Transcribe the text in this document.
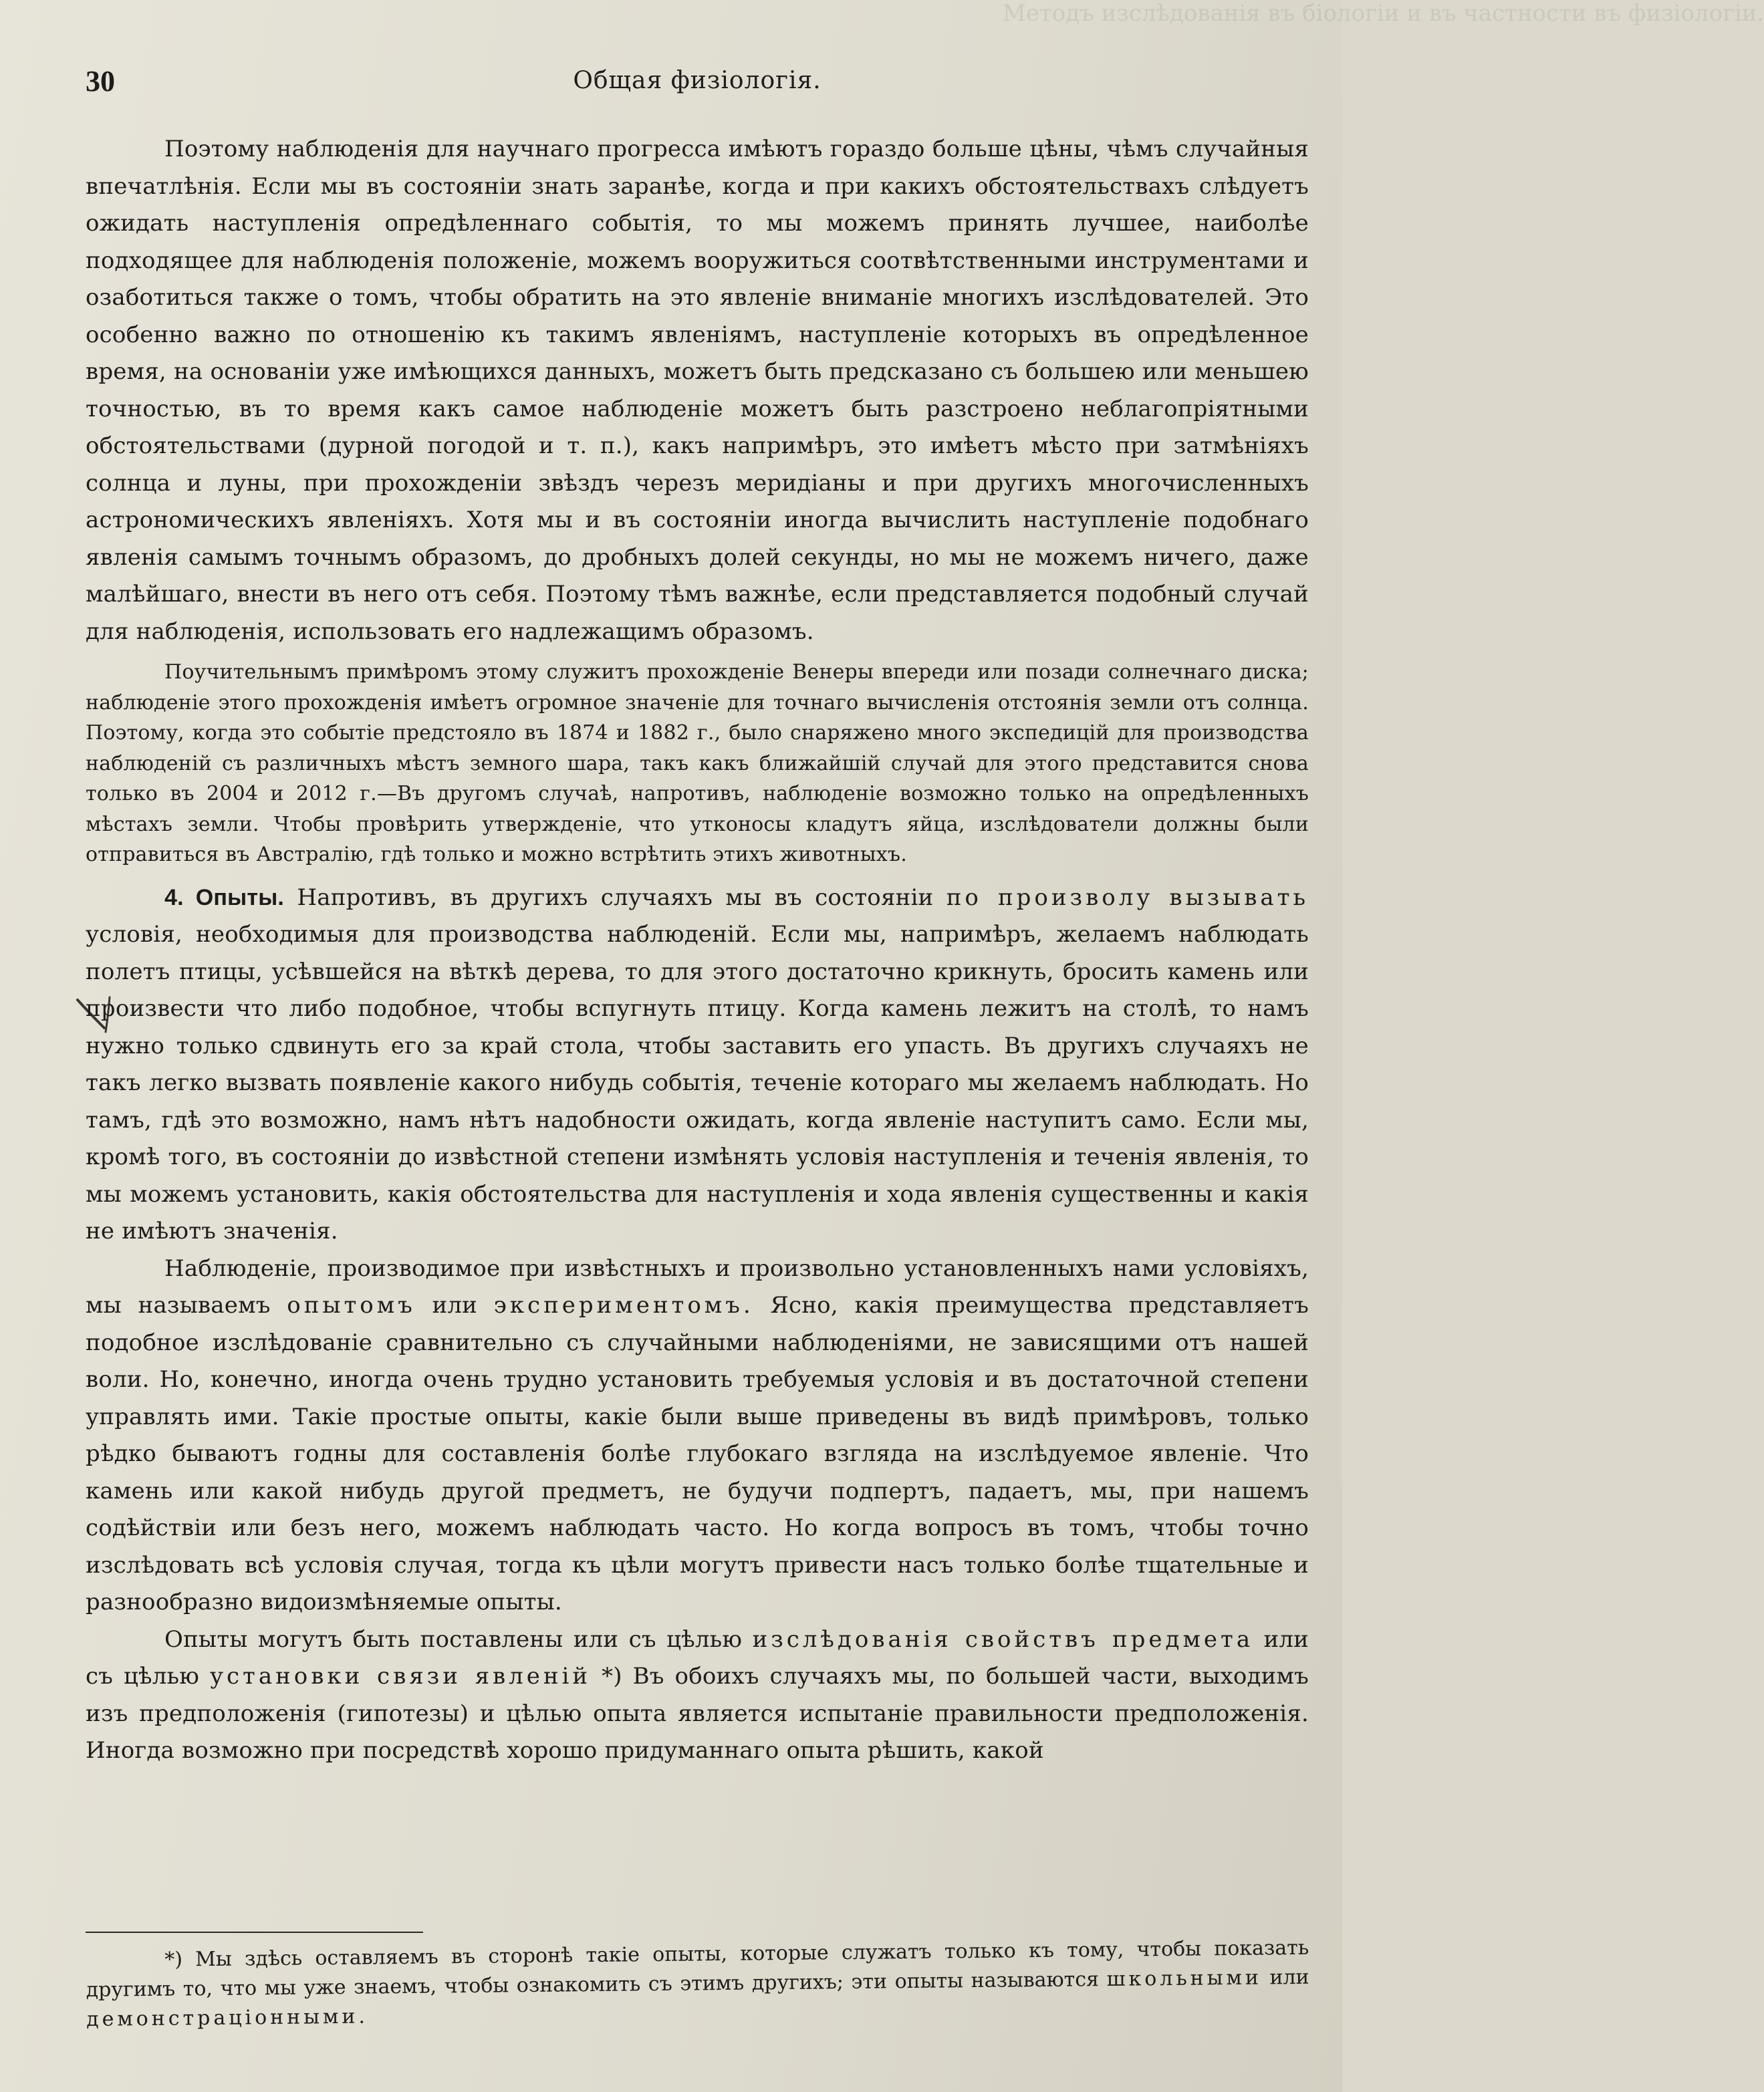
Методъ изслѣдованія въ біологіи и въ частности въ физіологіи.
30	Общая физіологія.

Поэтому наблюденія для научнаго прогресса имѣютъ гораздо больше цѣны, чѣмъ случайныя впечатлѣнія. Если мы въ состояніи знать заранѣе, когда и при какихъ обстоятельствахъ слѣдуетъ ожидать наступленія опредѣленнаго событія, то мы можемъ принять лучшее, наиболѣе подходящее для наблюденія положеніе, можемъ вооружиться соотвѣтственными инструментами и озаботиться также о томъ, чтобы обратить на это явленіе вниманіе многихъ изслѣдователей. Это особенно важно по отношенію къ такимъ явленіямъ, наступленіе которыхъ въ опредѣленное время, на основаніи уже имѣющихся данныхъ, можетъ быть предсказано съ большею или меньшею точностью, въ то время какъ самое наблюденіе можетъ быть разстроено неблагопріятными обстоятельствами (дурной погодой и т. п.), какъ напримѣръ, это имѣетъ мѣсто при затмѣніяхъ солнца и луны, при прохожденіи звѣздъ черезъ меридіаны и при другихъ многочисленныхъ астрономическихъ явленіяхъ. Хотя мы и въ состояніи иногда вычислить наступленіе подобнаго явленія самымъ точнымъ образомъ, до дробныхъ долей секунды, но мы не можемъ ничего, даже малѣйшаго, внести въ него отъ себя. Поэтому тѣмъ важнѣе, если представляется подобный случай для наблюденія, использовать его надлежащимъ образомъ.

Поучительнымъ примѣромъ этому служитъ прохожденіе Венеры впереди или позади солнечнаго диска; наблюденіе этого прохожденія имѣетъ огромное значеніе для точнаго вычисленія отстоянія земли отъ солнца. Поэтому, когда это событіе предстояло въ 1874 и 1882 г., было снаряжено много экспедицій для производства наблюденій съ различныхъ мѣстъ земного шара, такъ какъ ближайшій случай для этого представится снова только въ 2004 и 2012 г.—Въ другомъ случаѣ, напротивъ, наблюденіе возможно только на опредѣленныхъ мѣстахъ земли. Чтобы провѣрить утвержденіе, что утконосы кладутъ яйца, изслѣдователи должны были отправиться въ Австралію, гдѣ только и можно встрѣтить этихъ животныхъ.

4. Опыты. Напротивъ, въ другихъ случаяхъ мы въ состояніи по произволу вызывать условія, необходимыя для производства наблюденій. Если мы, напримѣръ, желаемъ наблюдать полетъ птицы, усѣвшейся на вѣткѣ дерева, то для этого достаточно крикнуть, бросить камень или произвести что либо подобное, чтобы вспугнуть птицу. Когда камень лежитъ на столѣ, то намъ нужно только сдвинуть его за край стола, чтобы заставить его упасть. Въ другихъ случаяхъ не такъ легко вызвать появленіе какого нибудь событія, теченіе котораго мы желаемъ наблюдать. Но тамъ, гдѣ это возможно, намъ нѣтъ надобности ожидать, когда явленіе наступитъ само. Если мы, кромѣ того, въ состояніи до извѣстной степени измѣнять условія наступленія и теченія явленія, то мы можемъ установить, какія обстоятельства для наступленія и хода явленія существенны и какія не имѣютъ значенія.

Наблюденіе, производимое при извѣстныхъ и произвольно установленныхъ нами условіяхъ, мы называемъ опытомъ или экспериментомъ. Ясно, какія преимущества представляетъ подобное изслѣдованіе сравнительно съ случайными наблюденіями, не зависящими отъ нашей воли. Но, конечно, иногда очень трудно установить требуемыя условія и въ достаточной степени управлять ими. Такіе простые опыты, какіе были выше приведены въ видѣ примѣровъ, только рѣдко бываютъ годны для составленія болѣе глубокаго взгляда на изслѣдуемое явленіе. Что камень или какой нибудь другой предметъ, не будучи подпертъ, падаетъ, мы, при нашемъ содѣйствіи или безъ него, можемъ наблюдать часто. Но когда вопросъ въ томъ, чтобы точно изслѣдовать всѣ условія случая, тогда къ цѣли могутъ привести насъ только болѣе тщательные и разнообразно видоизмѣняемые опыты.

Опыты могутъ быть поставлены или съ цѣлью изслѣдованія свойствъ предмета или съ цѣлью установки связи явленій *) Въ обоихъ случаяхъ мы, по большей части, выходимъ изъ предположенія (гипотезы) и цѣлью опыта является испытаніе правильности предположенія. Иногда возможно при посредствѣ хорошо придуманнаго опыта рѣшить, какой

*) Мы здѣсь оставляемъ въ сторонѣ такіе опыты, которые служатъ только къ тому, чтобы показать другимъ то, что мы уже знаемъ, чтобы ознакомить съ этимъ другихъ; эти опыты называются школьными или демонстраціонными.
